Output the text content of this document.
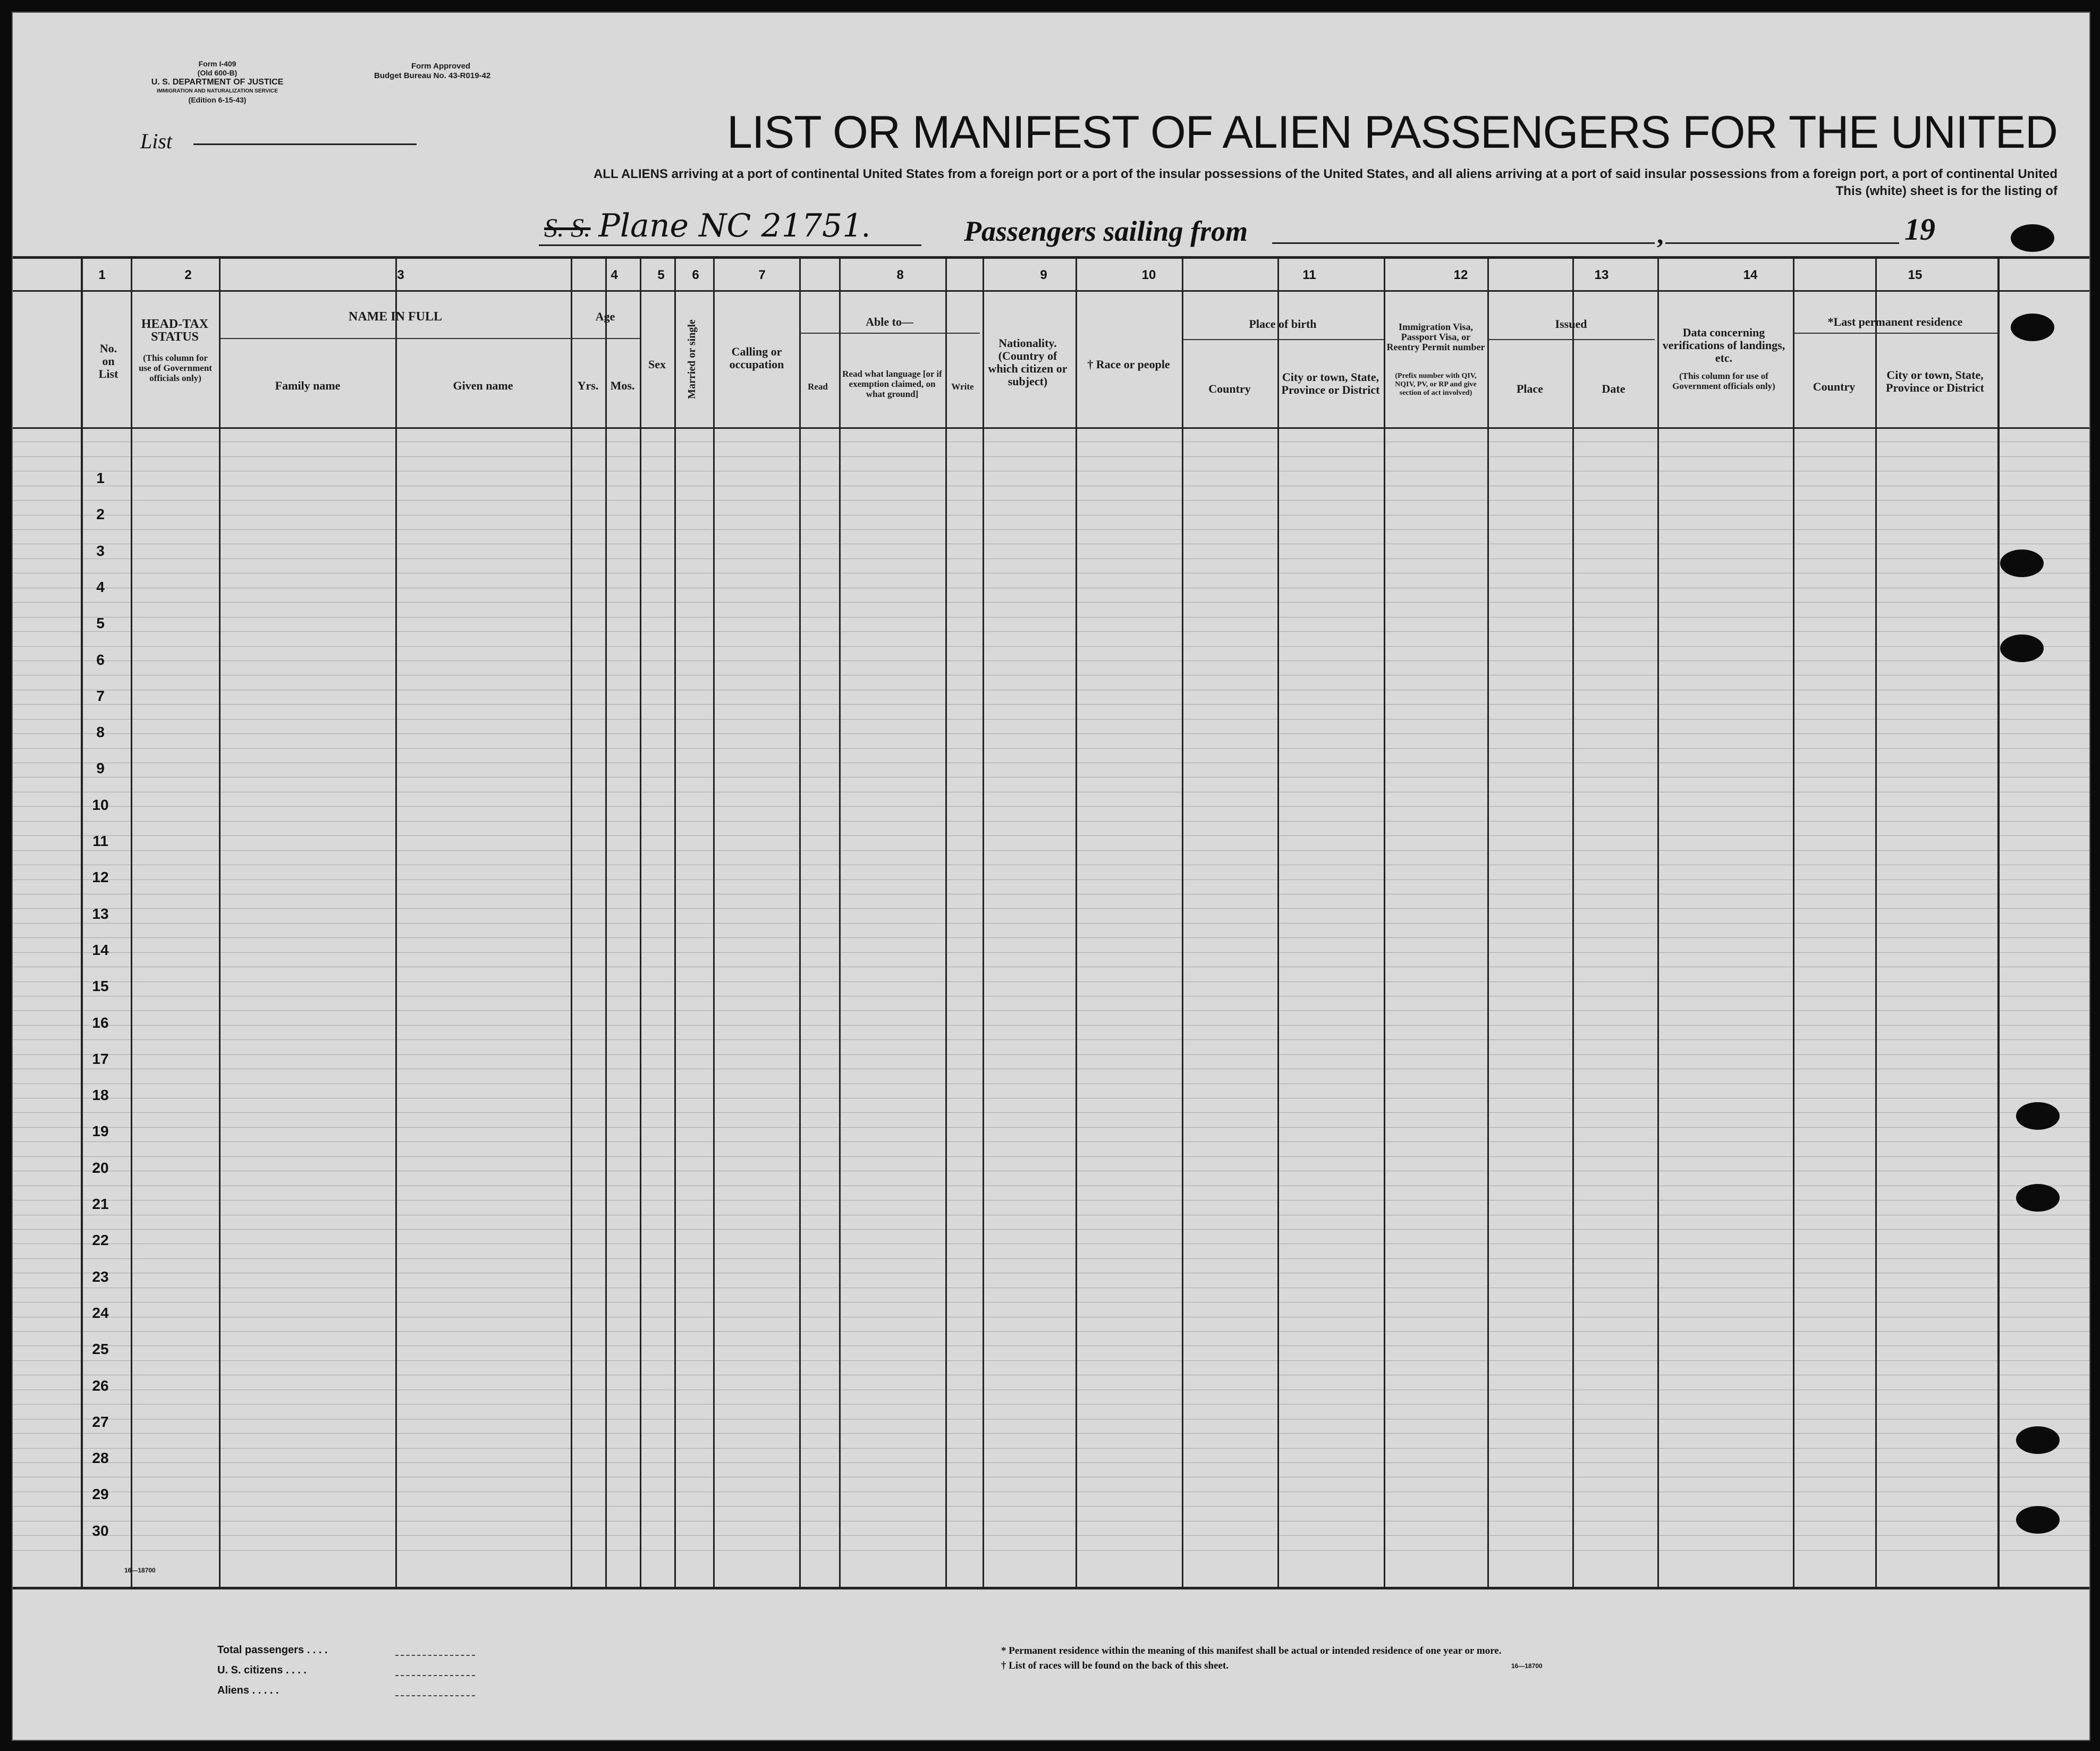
Form I-409
(Old 600-B)
U. S. DEPARTMENT OF JUSTICE
IMMIGRATION AND NATURALIZATION SERVICE
(Edition 6-15-43)
Form Approved
Budget Bureau No. 43-R019-42
List	LIST OR MANIFEST OF ALIEN PASSENGERS FOR THE UNITED
ALL ALIENS arriving at a port of continental United States from a foreign port or a port of the insular possessions of the United States, and all aliens arriving at a port of said insular possessions from a foreign port, a port of continental United
This (white) sheet is for the listing of
S. S. Plane NC 21751.	Passengers sailing from	,	19
1	2	3	4	5	6	7	8	9	10	11	12	13	14	15
No. on List
HEAD-TAX STATUS
(This column for use of Government officials only)
NAME IN FULL
Family name	Given name
Age
Yrs.	Mos.
Sex	Married or single	Calling or occupation
Able to—
Read
Read what language [or if exemption claimed, on what ground]
Write
Nationality. (Country of which citizen or subject)
† Race or people
Place of birth
Country
City or town, State, Province or District
Immigration Visa, Passport Visa, or Reentry Permit number
(Prefix number with QIV, NQIV, PV, or RP and give section of act involved)
Issued
Place	Date
Data concerning verifications of landings, etc.
(This column for use of Government officials only)
*Last permanent residence
Country
City or town, State, Province or District
1
2
3
4
5
6
7
8
9
10
11
12
13
14
15
16
17
18
19
20
21
22
23
24
25
26
27
28
29
30
16—18700
Total passengers . . . .
U. S. citizens . . . .
Aliens . . . . .
* Permanent residence within the meaning of this manifest shall be actual or intended residence of one year or more.
† List of races will be found on the back of this sheet.	16—18700
